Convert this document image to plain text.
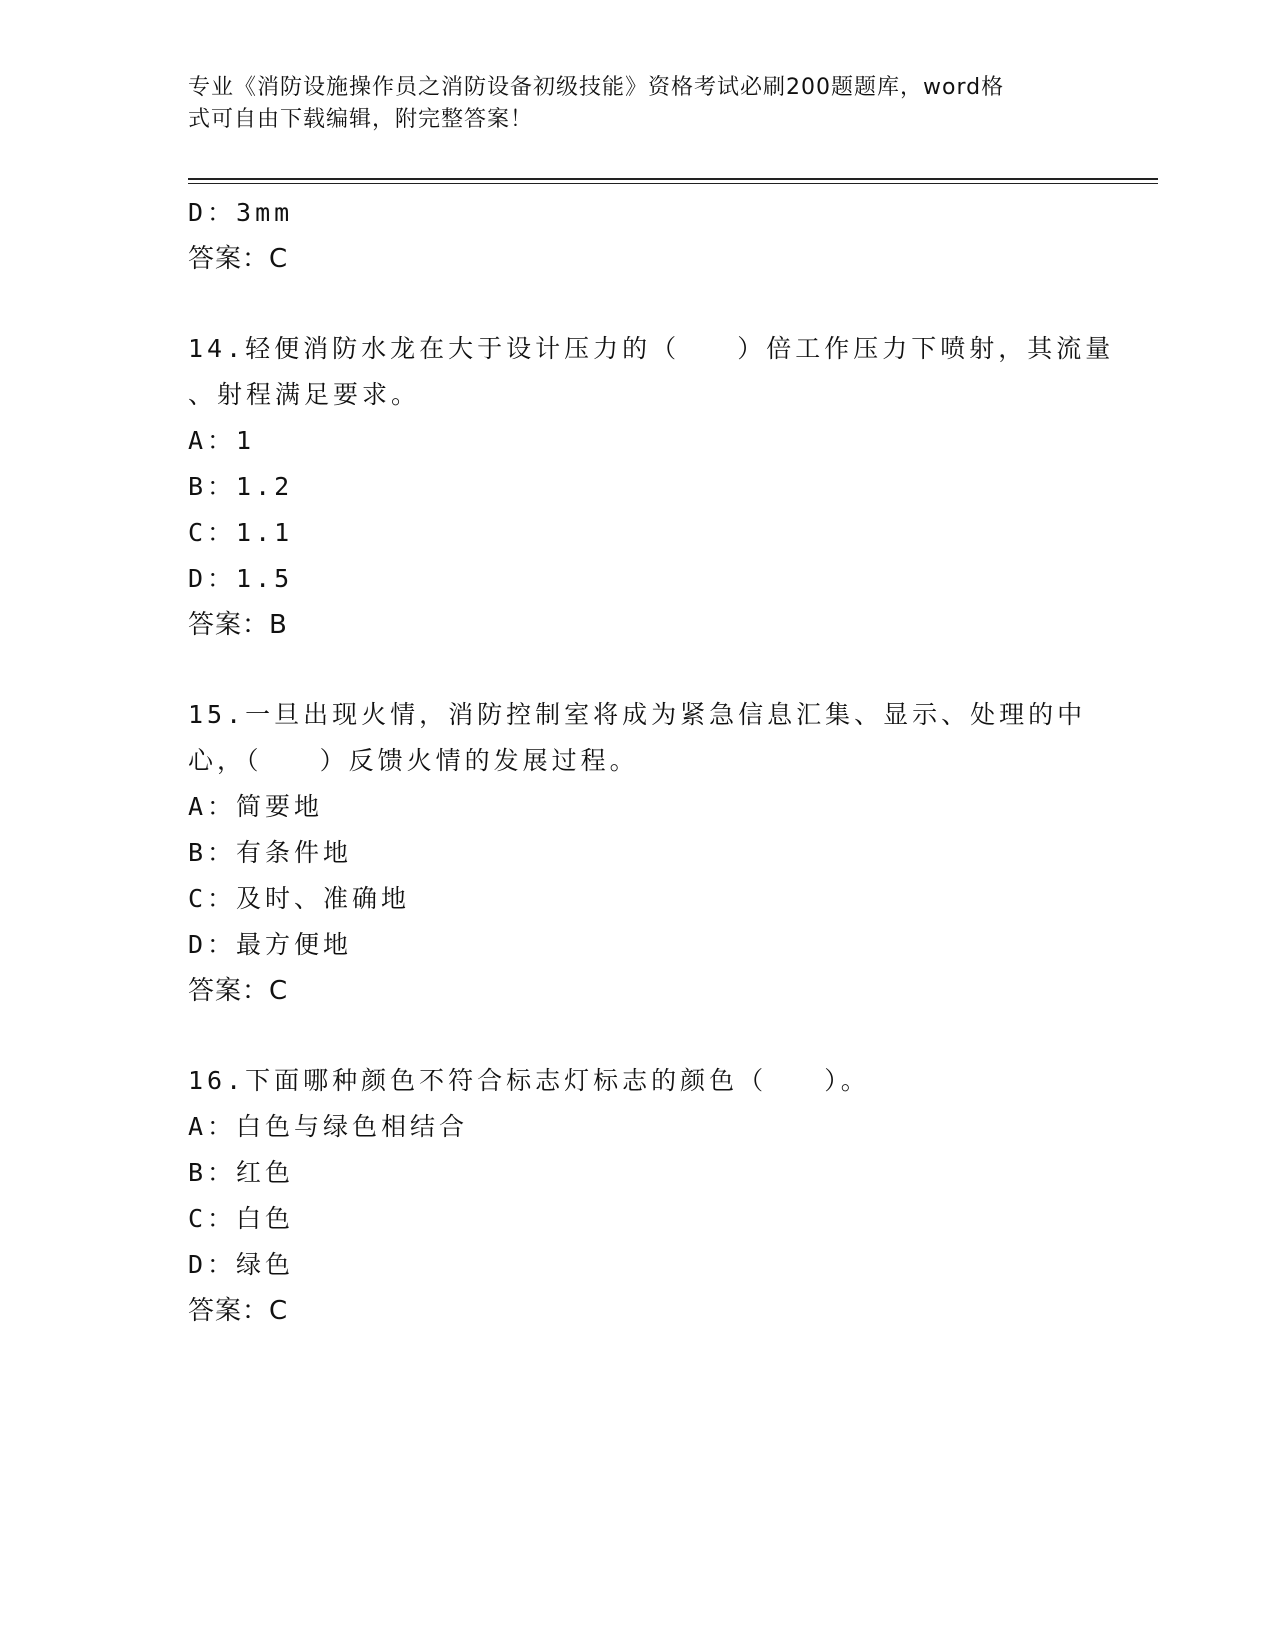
专业《消防设施操作员之消防设备初级技能》资格考试必刷200题题库，word格
式可自由下载编辑，附完整答案！
D：3mm
答案：C
14.轻便消防水龙在大于设计压力的（   ）倍工作压力下喷射，其流量
、射程满足要求。
A：1
B：1.2
C：1.1
D：1.5
答案：B
15.一旦出现火情，消防控制室将成为紧急信息汇集、显示、处理的中
心，（   ）反馈火情的发展过程。
A：简要地
B：有条件地
C：及时、准确地
D：最方便地
答案：C
16.下面哪种颜色不符合标志灯标志的颜色（   ）。
A：白色与绿色相结合
B：红色
C：白色
D：绿色
答案：C
